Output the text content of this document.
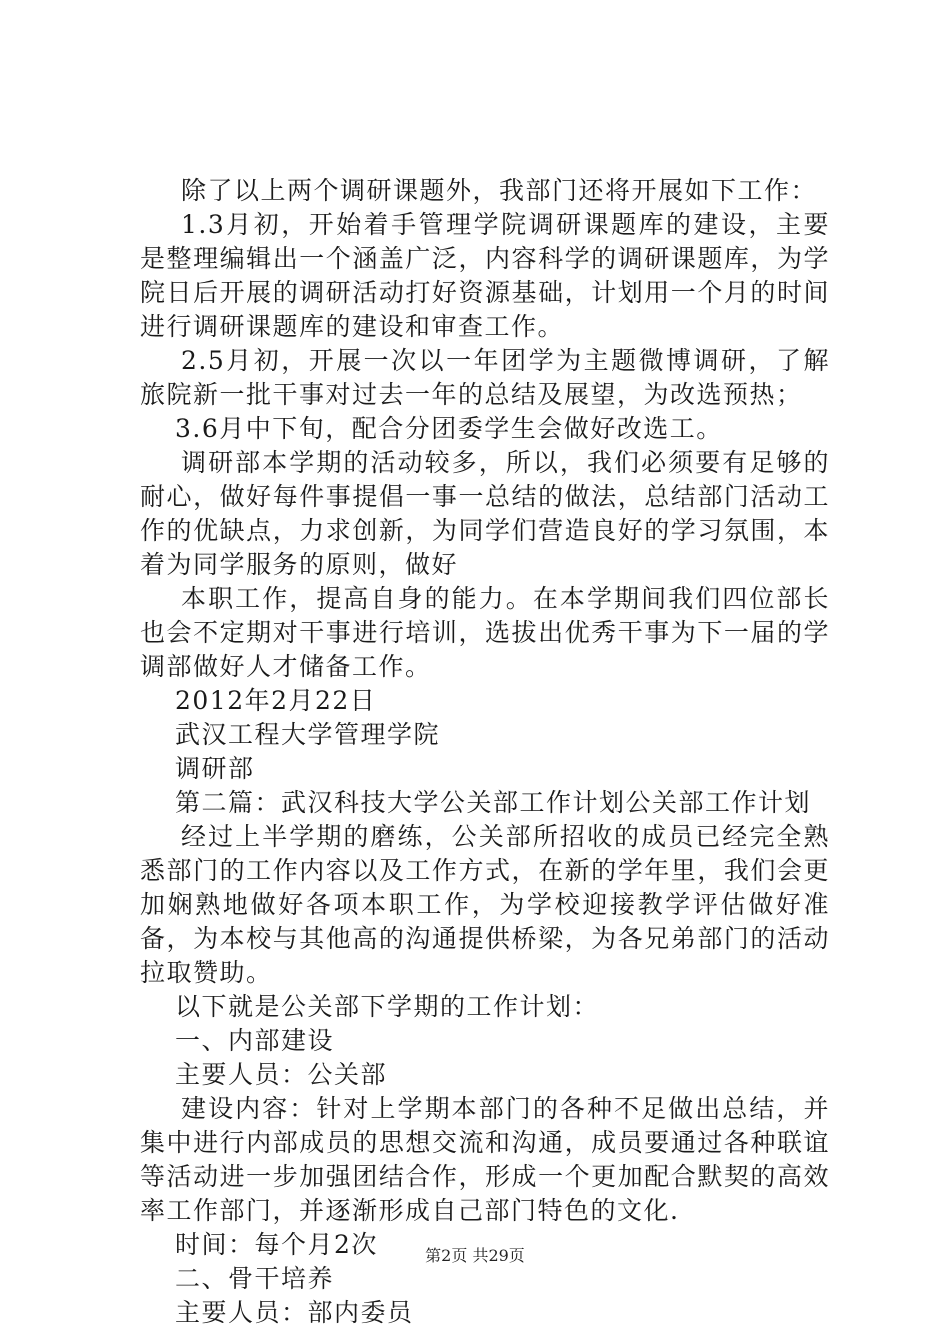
除了以上两个调研课题外，我部门还将开展如下工作：

1.3月初，开始着手管理学院调研课题库的建设，主要是整理编辑出一个涵盖广泛，内容科学的调研课题库，为学院日后开展的调研活动打好资源基础，计划用一个月的时间进行调研课题库的建设和审查工作。

2.5月初，开展一次以一年团学为主题微博调研，了解旅院新一批干事对过去一年的总结及展望，为改选预热；

3.6月中下旬，配合分团委学生会做好改选工。

调研部本学期的活动较多，所以，我们必须要有足够的耐心，做好每件事提倡一事一总结的做法，总结部门活动工作的优缺点，力求创新，为同学们营造良好的学习氛围，本着为同学服务的原则，做好

本职工作，提高自身的能力。在本学期间我们四位部长也会不定期对干事进行培训，选拔出优秀干事为下一届的学调部做好人才储备工作。

2012年2月22日

武汉工程大学管理学院

调研部

第二篇：武汉科技大学公关部工作计划公关部工作计划

经过上半学期的磨练，公关部所招收的成员已经完全熟悉部门的工作内容以及工作方式，在新的学年里，我们会更加娴熟地做好各项本职工作，为学校迎接教学评估做好准备，为本校与其他高的沟通提供桥梁，为各兄弟部门的活动拉取赞助。

以下就是公关部下学期的工作计划：

一、内部建设

主要人员：公关部

建设内容：针对上学期本部门的各种不足做出总结，并集中进行内部成员的思想交流和沟通，成员要通过各种联谊等活动进一步加强团结合作，形成一个更加配合默契的高效率工作部门，并逐渐形成自己部门特色的文化.

时间：每个月2次

二、骨干培养

主要人员：部内委员

第2页 共29页
